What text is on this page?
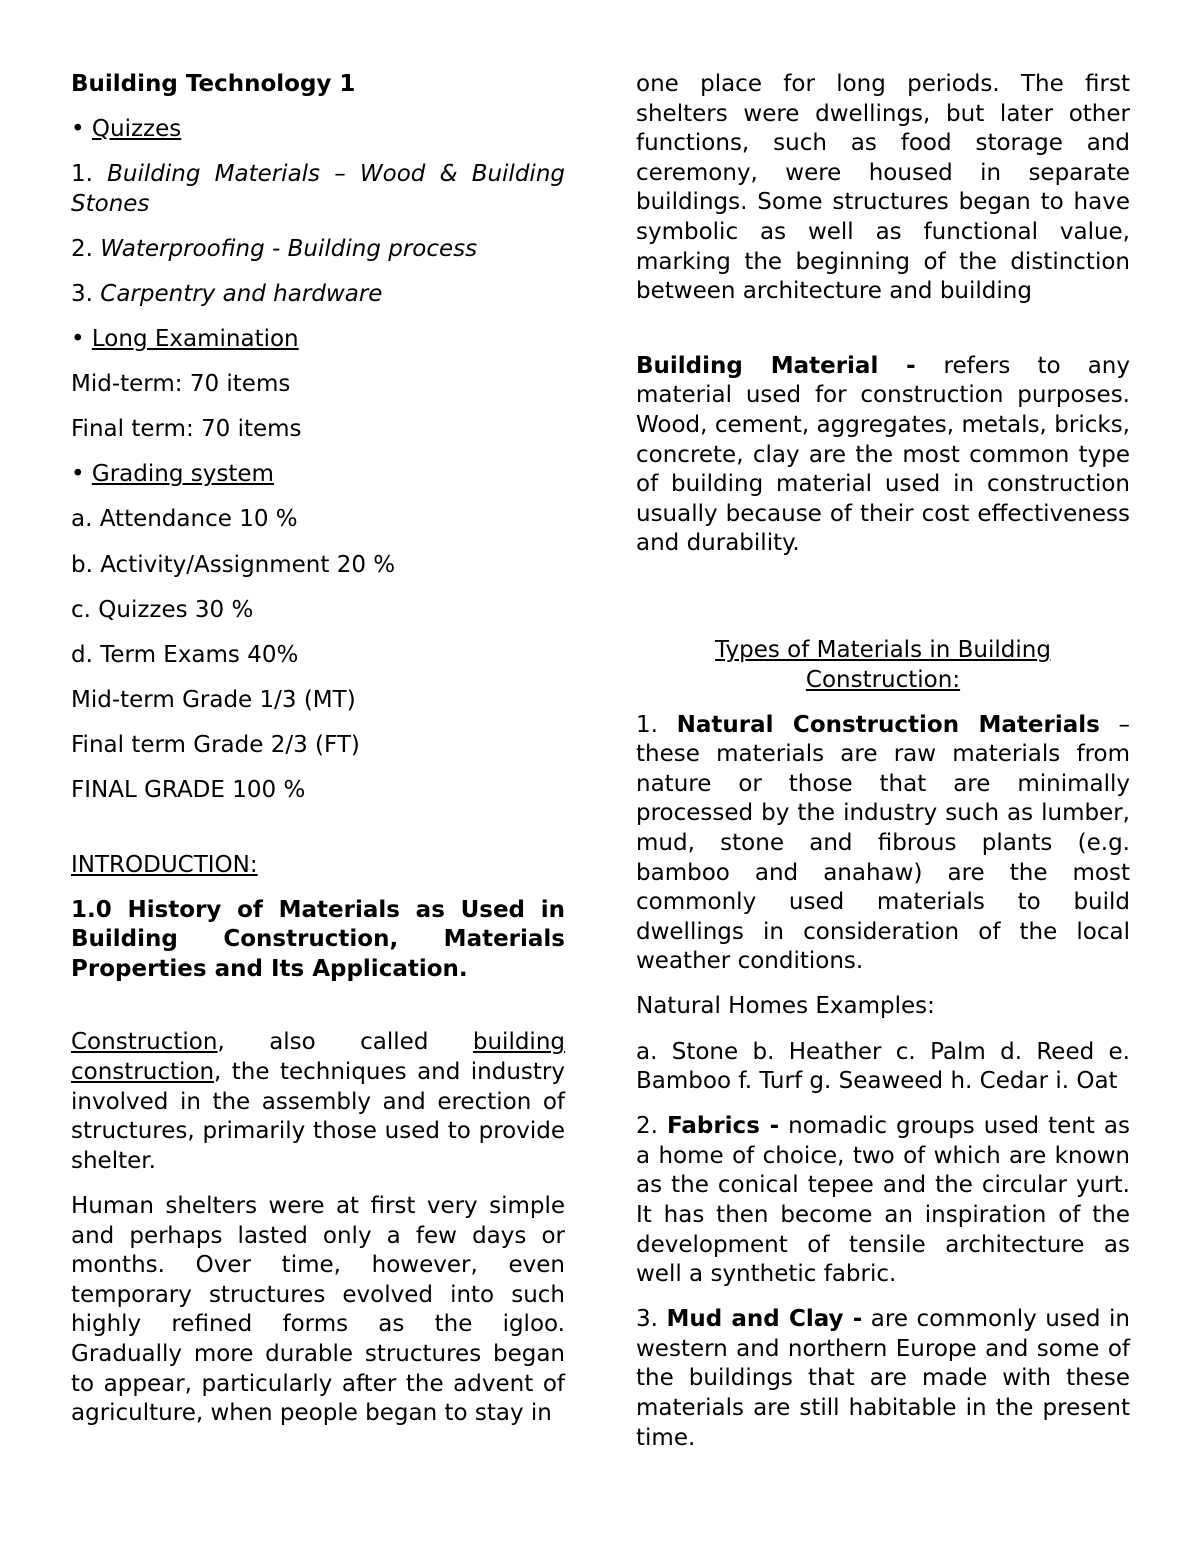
Building Technology 1

• Quizzes

1. Building Materials – Wood & Building Stones

2. Waterproofing - Building process

3. Carpentry and hardware

• Long Examination

Mid-term: 70 items

Final term: 70 items

• Grading system

a. Attendance 10 %

b. Activity/Assignment 20 %

c. Quizzes 30 %

d. Term Exams 40%

Mid-term Grade 1/3 (MT)

Final term Grade 2/3 (FT)

FINAL GRADE 100 %

INTRODUCTION:

1.0 History of Materials as Used in Building Construction, Materials Properties and Its Application.

Construction, also called building construction, the techniques and industry involved in the assembly and erection of structures, primarily those used to provide shelter.

Human shelters were at first very simple and perhaps lasted only a few days or months. Over time, however, even temporary structures evolved into such highly refined forms as the igloo. Gradually more durable structures began to appear, particularly after the advent of agriculture, when people began to stay in

one place for long periods. The first shelters were dwellings, but later other functions, such as food storage and ceremony, were housed in separate buildings. Some structures began to have symbolic as well as functional value, marking the beginning of the distinction between architecture and building

Building Material - refers to any material used for construction purposes. Wood, cement, aggregates, metals, bricks, concrete, clay are the most common type of building material used in construction usually because of their cost effectiveness and durability.

Types of Materials in Building
Construction:

1. Natural Construction Materials – these materials are raw materials from nature or those that are minimally processed by the industry such as lumber, mud, stone and fibrous plants (e.g. bamboo and anahaw) are the most commonly used materials to build dwellings in consideration of the local weather conditions.

Natural Homes Examples:

a. Stone b. Heather c. Palm d. Reed e. Bamboo f. Turf g. Seaweed h. Cedar i. Oat

2. Fabrics - nomadic groups used tent as a home of choice, two of which are known as the conical tepee and the circular yurt. It has then become an inspiration of the development of tensile architecture as well a synthetic fabric.

3. Mud and Clay - are commonly used in western and northern Europe and some of the buildings that are made with these materials are still habitable in the present time.
